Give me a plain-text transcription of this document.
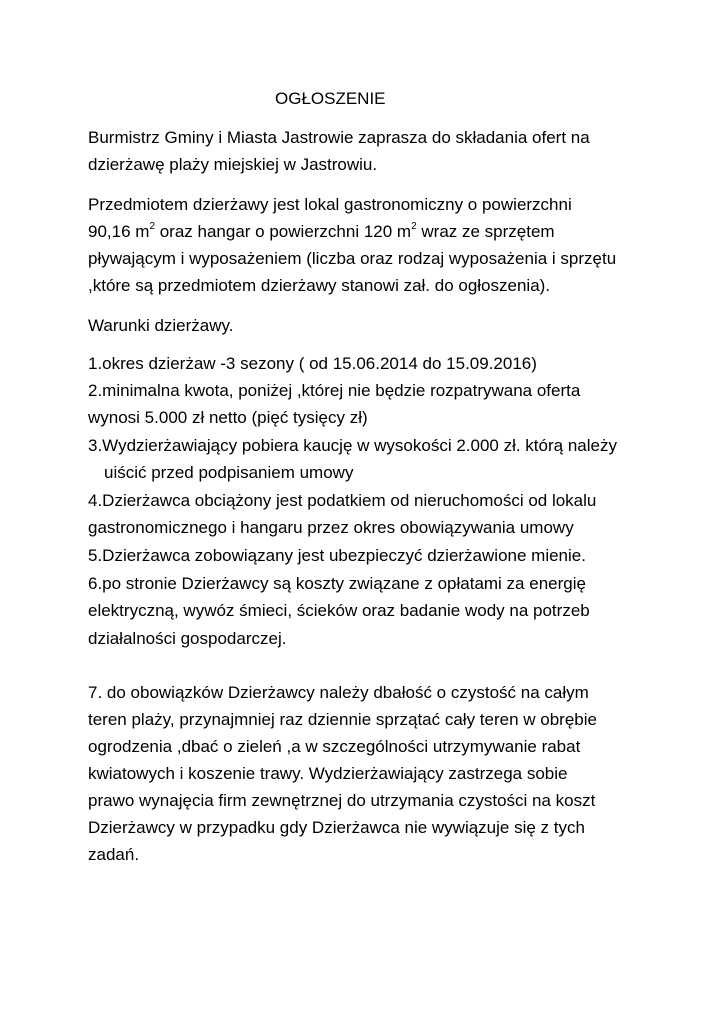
OGŁOSZENIE
Burmistrz Gminy i Miasta Jastrowie zaprasza do składania ofert na
dzierżawę plaży miejskiej w Jastrowiu.
Przedmiotem dzierżawy jest lokal gastronomiczny o powierzchni
90,16 $m^2$ oraz hangar o powierzchni 120 $m^2$ wraz ze sprzętem
pływającym i wyposażeniem (liczba oraz rodzaj wyposażenia i sprzętu
,które są przedmiotem dzierżawy stanowi zał. do ogłoszenia).
Warunki dzierżawy.
1.okres dzierżaw -3 sezony ( od 15.06.2014 do 15.09.2016)
2.minimalna kwota, poniżej ,której nie będzie rozpatrywana oferta
wynosi 5.000 zł netto (pięć tysięcy zł)
3.Wydzierżawiający pobiera kaucję w wysokości 2.000 zł. którą należy
uiścić przed podpisaniem umowy
4.Dzierżawca obciążony jest podatkiem od nieruchomości od lokalu
gastronomicznego i hangaru przez okres obowiązywania umowy
5.Dzierżawca zobowiązany jest ubezpieczyć dzierżawione mienie.
6.po stronie Dzierżawcy są koszty związane z opłatami za energię
elektryczną, wywóz śmieci, ścieków oraz badanie wody na potrzeb
działalności gospodarczej.
7. do obowiązków Dzierżawcy należy dbałość o czystość na całym
teren plaży, przynajmniej raz dziennie sprzątać cały teren w obrębie
ogrodzenia ,dbać o zieleń ,a w szczególności utrzymywanie rabat
kwiatowych i koszenie trawy. Wydzierżawiający zastrzega sobie
prawo wynajęcia firm zewnętrznej do utrzymania czystości na koszt
Dzierżawcy w przypadku gdy Dzierżawca nie wywiązuje się z tych
zadań.
